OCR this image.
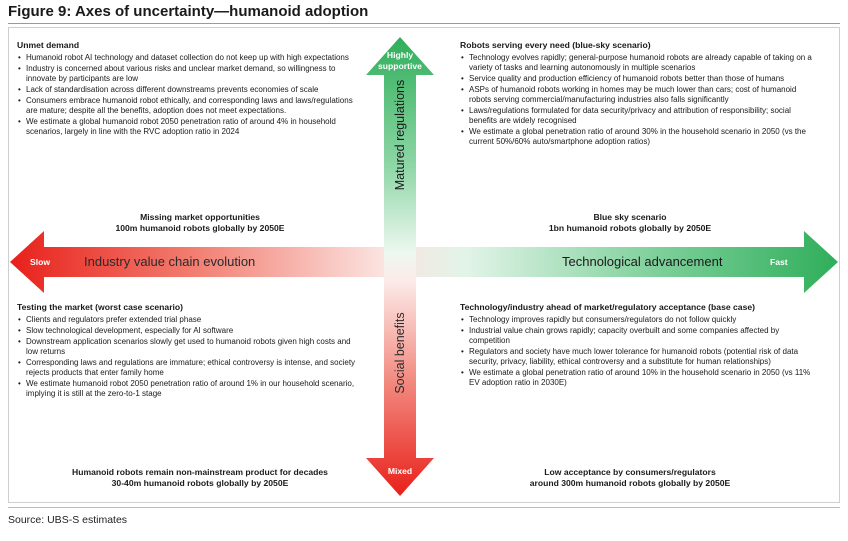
Figure 9: Axes of uncertainty—humanoid adoption
Slow	Industry value chain evolution	Technological advancement	Fast
Highly
supportive
Matured regulations
Social benefits
Mixed
Unmet demand
• Humanoid robot AI technology and dataset collection do not keep up with high expectations
• Industry is concerned about various risks and unclear market demand, so willingness to innovate by participants are low
• Lack of standardisation across different downstreams prevents economies of scale
• Consumers embrace humanoid robot ethically, and corresponding laws and laws/regulations are mature; despite all the benefits, adoption does not meet expectations.
• We estimate a global humanoid robot 2050 penetration ratio of around 4% in household scenarios, largely in line with the RVC adoption ratio in 2024
Robots serving every need (blue-sky scenario)
• Technology evolves rapidly; general-purpose humanoid robots are already capable of taking on a variety of tasks and learning autonomously in multiple scenarios
• Service quality and production efficiency of humanoid robots better than those of humans
• ASPs of humanoid robots working in homes may be much lower than cars; cost of humanoid robots serving commercial/manufacturing industries also falls significantly
• Laws/regulations formulated for data security/privacy and attribution of responsibility; social benefits are widely recognised
• We estimate a global penetration ratio of around 30% in the household scenario in 2050 (vs the current 50%/60% auto/smartphone adoption ratios)
Testing the market (worst case scenario)
• Clients and regulators prefer extended trial phase
• Slow technological development, especially for AI software
• Downstream application scenarios slowly get used to humanoid robots given high costs and low returns
• Corresponding laws and regulations are immature; ethical controversy is intense, and society rejects products that enter family home
• We estimate humanoid robot 2050 penetration ratio of around 1% in our household scenario, implying it is still at the zero-to-1 stage
Technology/industry ahead of market/regulatory acceptance (base case)
• Technology improves rapidly but consumers/regulators do not follow quickly
• Industrial value chain grows rapidly; capacity overbuilt and some companies affected by competition
• Regulators and society have much lower tolerance for humanoid robots (potential risk of data security, privacy, liability, ethical controversy and a substitute for human relationships)
• We estimate a global penetration ratio of around 10% in the household scenario in 2050 (vs 11% EV adoption ratio in 2030E)
Missing market opportunities
100m humanoid robots globally by 2050E
Blue sky scenario
1bn humanoid robots globally by 2050E
Humanoid robots remain non-mainstream product for decades
30-40m humanoid robots globally by 2050E
Low acceptance by consumers/regulators
around 300m humanoid robots globally by 2050E
Source: UBS-S estimates
